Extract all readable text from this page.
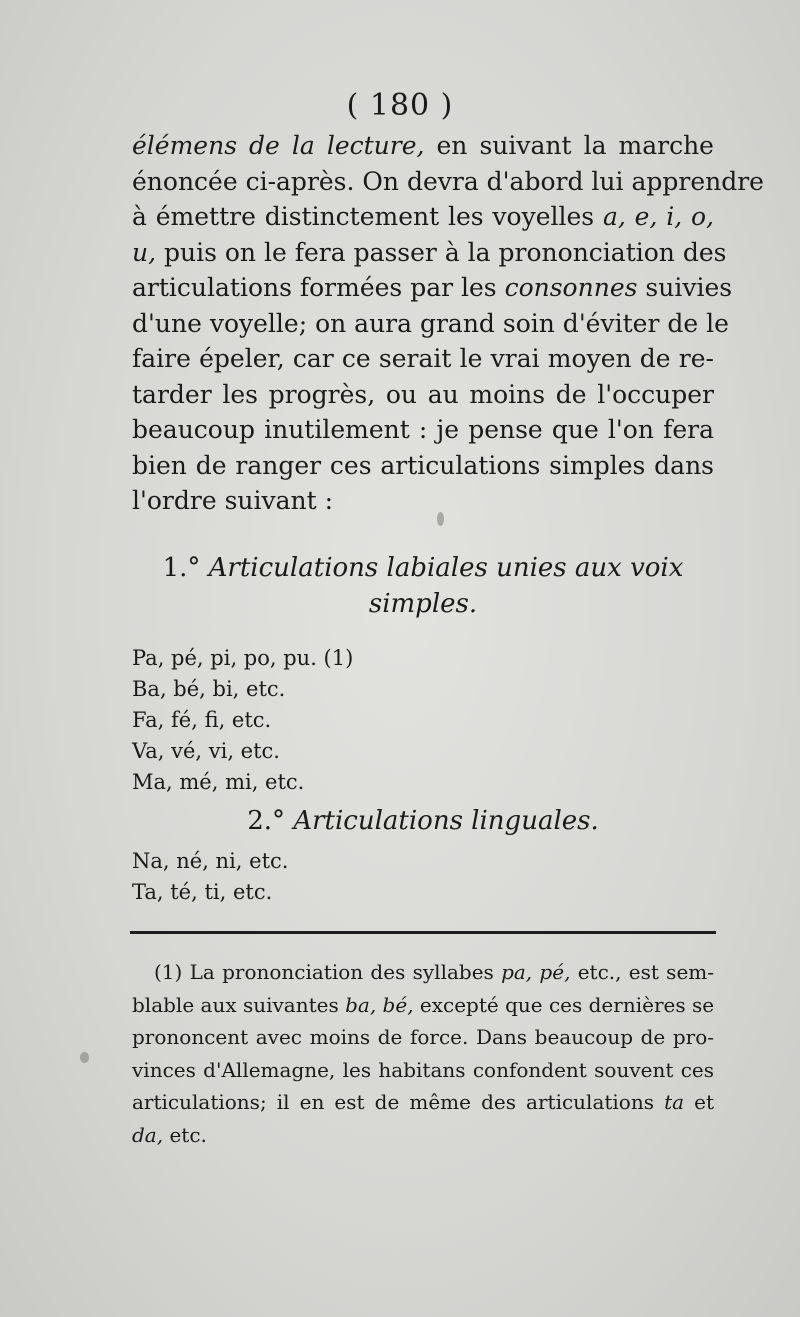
( 180 )
élémens de la lecture, en suivant la marche
énoncée ci-après. On devra d'abord lui apprendre
à émettre distinctement les voyelles a, e, i, o,
u, puis on le fera passer à la prononciation des
articulations formées par les consonnes suivies
d'une voyelle; on aura grand soin d'éviter de le
faire épeler, car ce serait le vrai moyen de re-
tarder les progrès, ou au moins de l'occuper
beaucoup inutilement : je pense que l'on fera
bien de ranger ces articulations simples dans
l'ordre suivant :
1.° Articulations labiales unies aux voix
simples.
Pa, pé, pi, po, pu. (1)
Ba, bé, bi, etc.
Fa, fé, fi, etc.
Va, vé, vi, etc.
Ma, mé, mi, etc.
2.° Articulations linguales.
Na, né, ni, etc.
Ta, té, ti, etc.
(1) La prononciation des syllabes pa, pé, etc., est sem-
blable aux suivantes ba, bé, excepté que ces dernières se
prononcent avec moins de force. Dans beaucoup de pro-
vinces d'Allemagne, les habitans confondent souvent ces
articulations; il en est de même des articulations ta et
da, etc.
